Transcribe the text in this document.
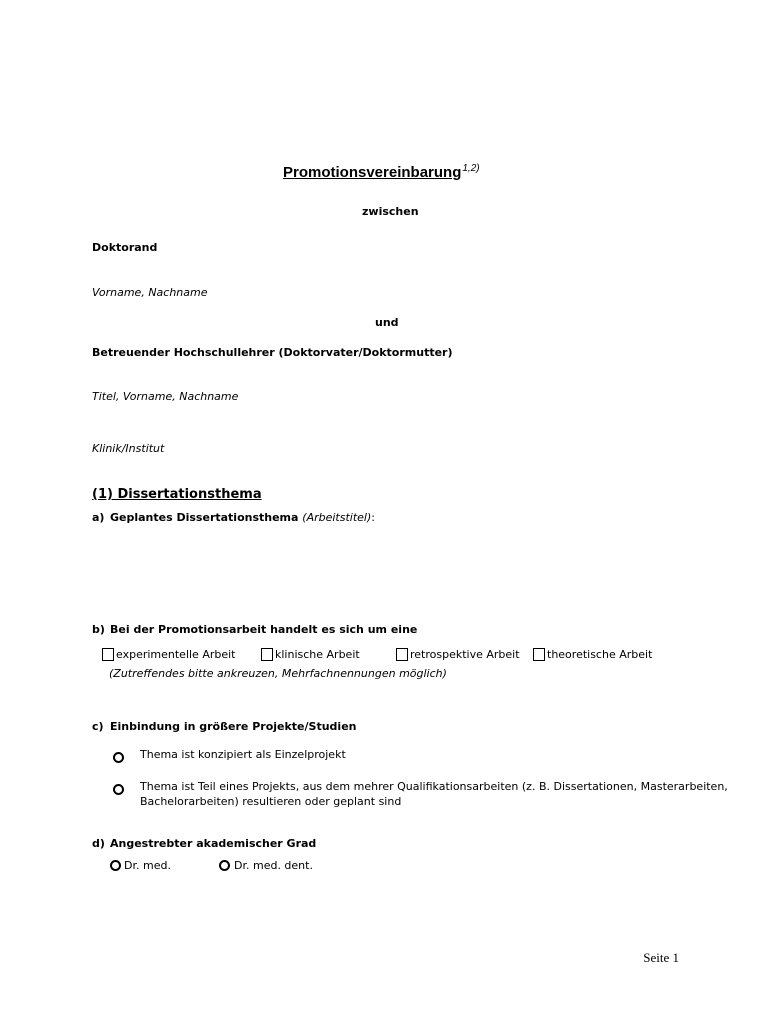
Promotionsvereinbarung$^{1,2)}$
zwischen
Doktorand
Vorname, Nachname
und
Betreuender Hochschullehrer (Doktorvater/Doktormutter)
Titel, Vorname, Nachname
Klinik/Institut
(1) Dissertationsthema
a) Geplantes Dissertationsthema (Arbeitstitel):
b) Bei der Promotionsarbeit handelt es sich um eine
experimentelle Arbeit	klinische Arbeit	retrospektive Arbeit	theoretische Arbeit
(Zutreffendes bitte ankreuzen, Mehrfachnennungen möglich)
c) Einbindung in größere Projekte/Studien
Thema ist konzipiert als Einzelprojekt
Thema ist Teil eines Projekts, aus dem mehrer Qualifikationsarbeiten (z. B. Dissertationen, Masterarbeiten,
Bachelorarbeiten) resultieren oder geplant sind
d) Angestrebter akademischer Grad
Dr. med.	Dr. med. dent.
Seite 1
